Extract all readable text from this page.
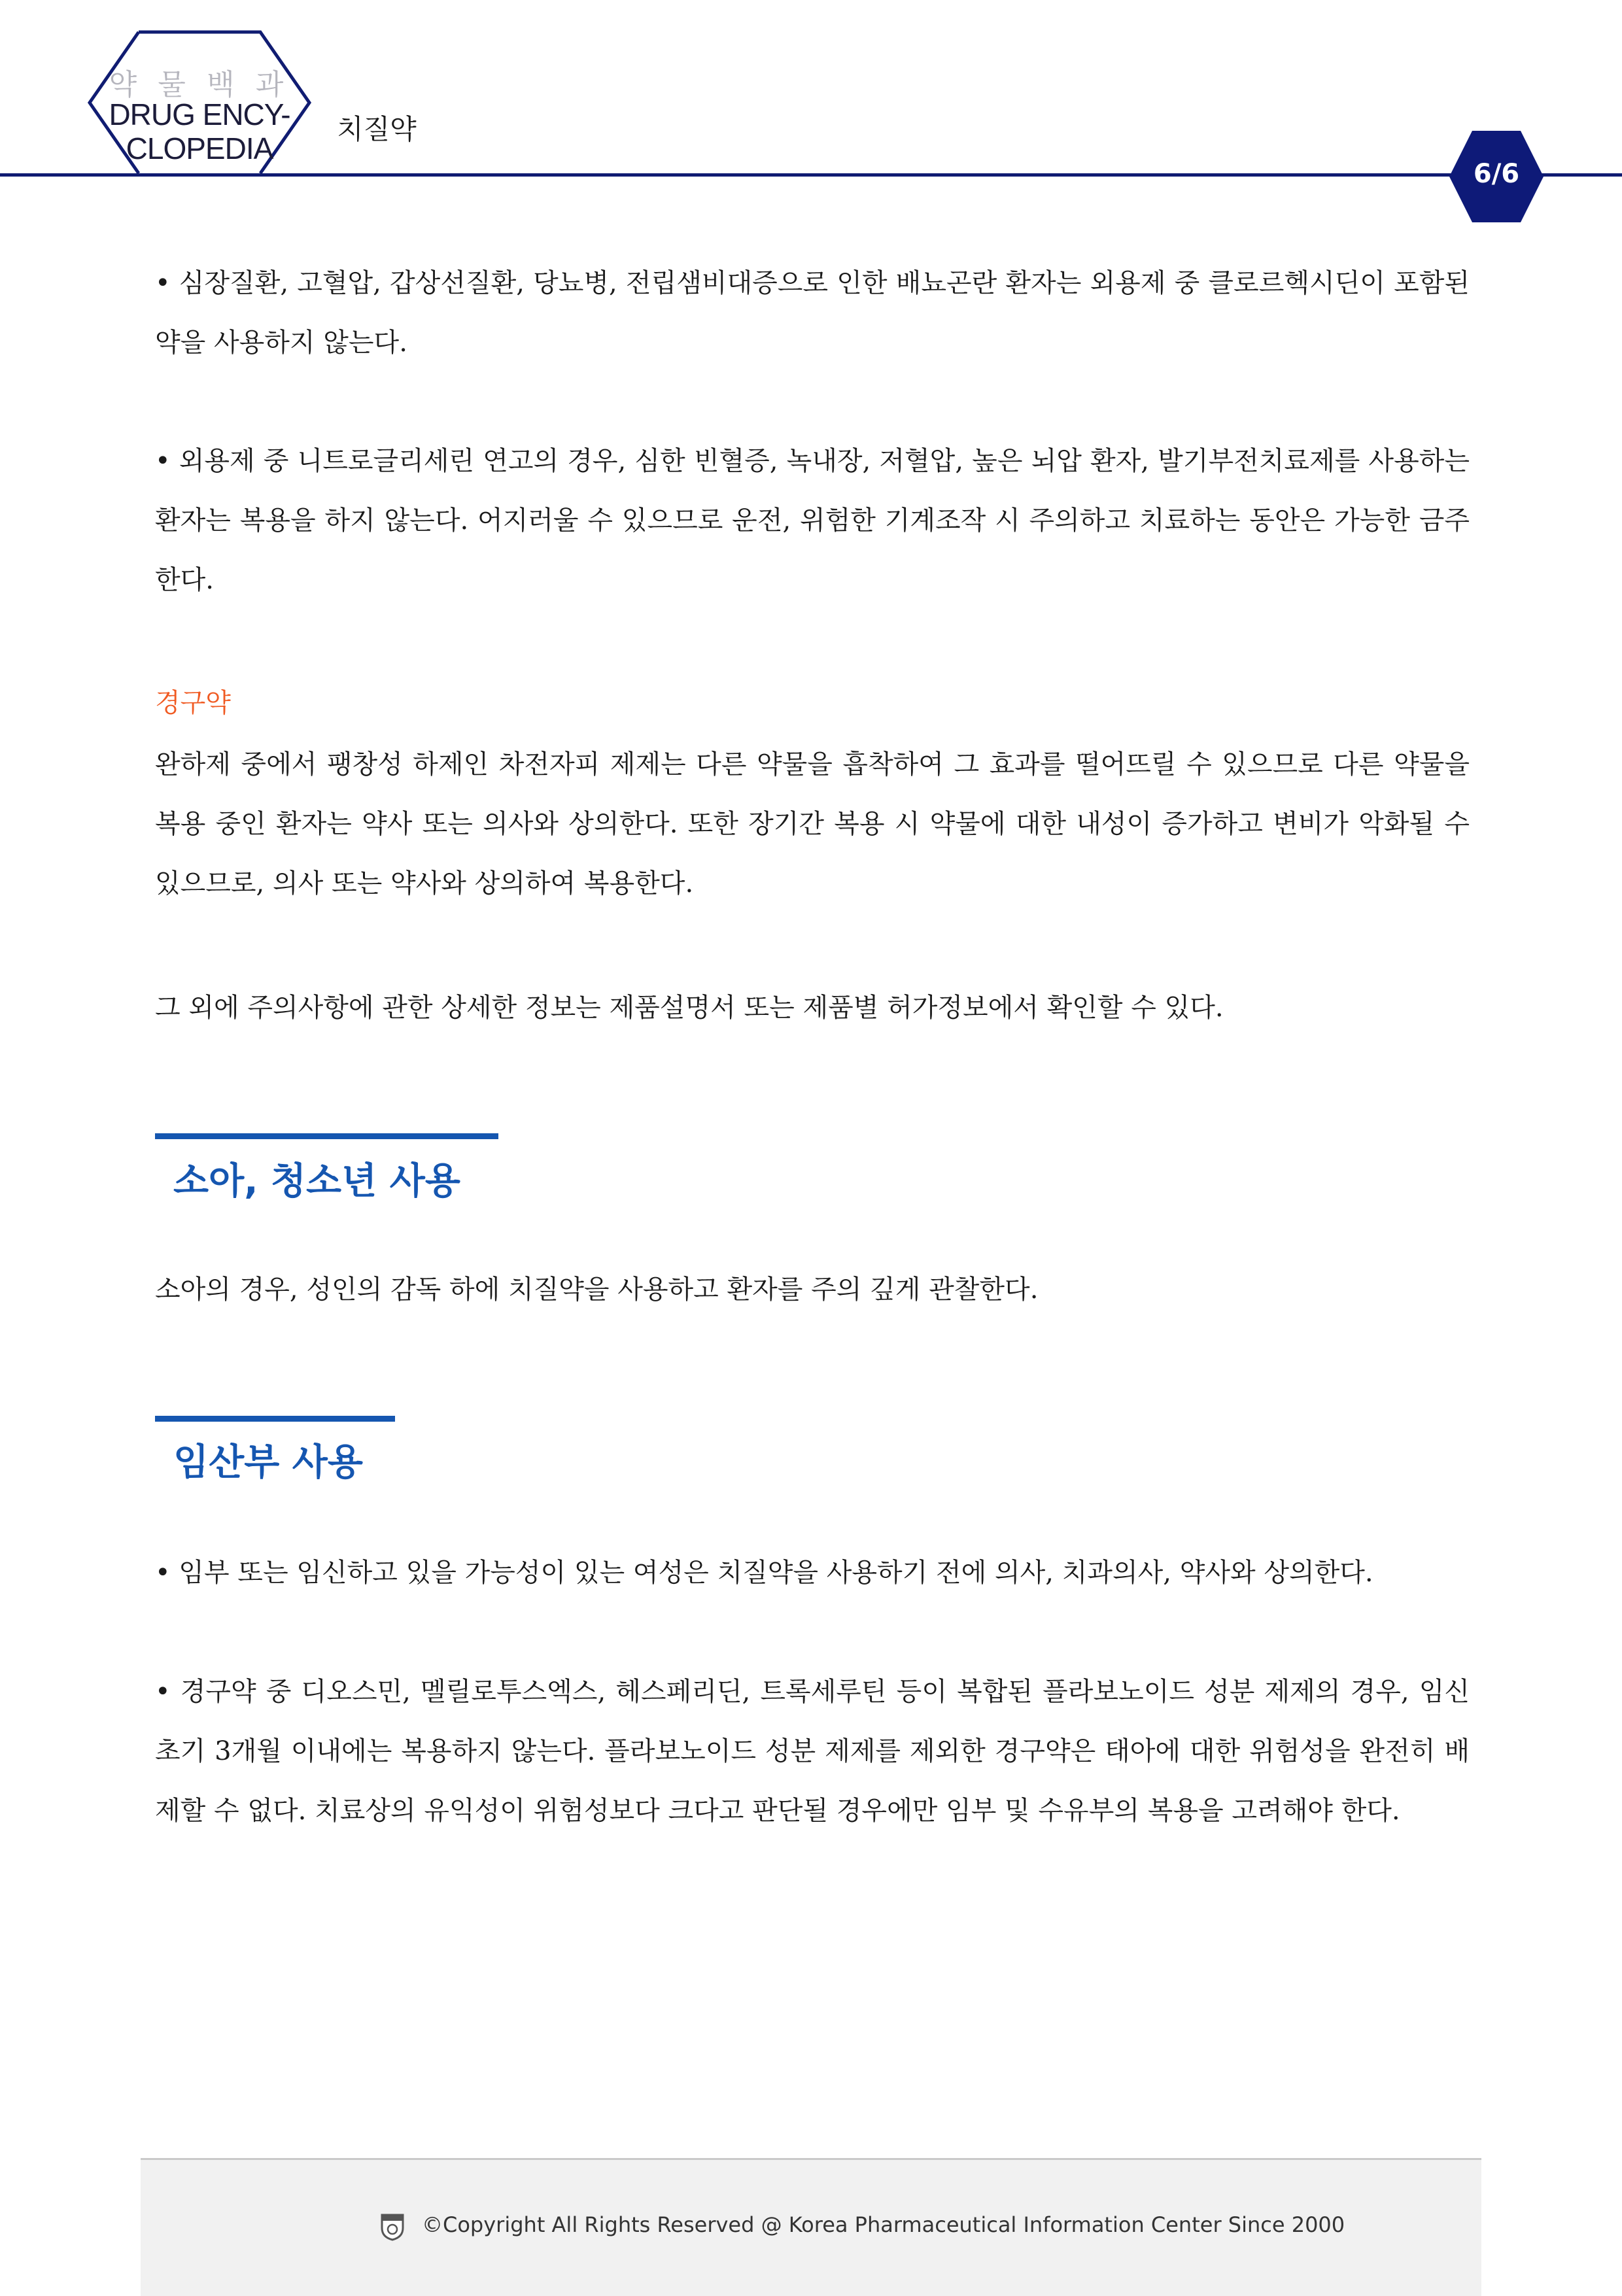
약 물 백 과
DRUG ENCY-
CLOPEDIA
치질약
6/6

• 심장질환, 고혈압, 갑상선질환, 당뇨병, 전립샘비대증으로 인한 배뇨곤란 환자는 외용제 중 클로르헥시딘이 포함된 약을 사용하지 않는다.

• 외용제 중 니트로글리세린 연고의 경우, 심한 빈혈증, 녹내장, 저혈압, 높은 뇌압 환자, 발기부전치료제를 사용하는 환자는 복용을 하지 않는다. 어지러울 수 있으므로 운전, 위험한 기계조작 시 주의하고 치료하는 동안은 가능한 금주한다.

경구약

완하제 중에서 팽창성 하제인 차전자피 제제는 다른 약물을 흡착하여 그 효과를 떨어뜨릴 수 있으므로 다른 약물을 복용 중인 환자는 약사 또는 의사와 상의한다. 또한 장기간 복용 시 약물에 대한 내성이 증가하고 변비가 악화될 수 있으므로, 의사 또는 약사와 상의하여 복용한다.

그 외에 주의사항에 관한 상세한 정보는 제품설명서 또는 제품별 허가정보에서 확인할 수 있다.

소아, 청소년 사용

소아의 경우, 성인의 감독 하에 치질약을 사용하고 환자를 주의 깊게 관찰한다.

임산부 사용

• 임부 또는 임신하고 있을 가능성이 있는 여성은 치질약을 사용하기 전에 의사, 치과의사, 약사와 상의한다.

• 경구약 중 디오스민, 멜릴로투스엑스, 헤스페리딘, 트록세루틴 등이 복합된 플라보노이드 성분 제제의 경우, 임신 초기 3개월 이내에는 복용하지 않는다. 플라보노이드 성분 제제를 제외한 경구약은 태아에 대한 위험성을 완전히 배제할 수 없다. 치료상의 유익성이 위험성보다 크다고 판단될 경우에만 임부 및 수유부의 복용을 고려해야 한다.

©Copyright All Rights Reserved @ Korea Pharmaceutical Information Center Since 2000
